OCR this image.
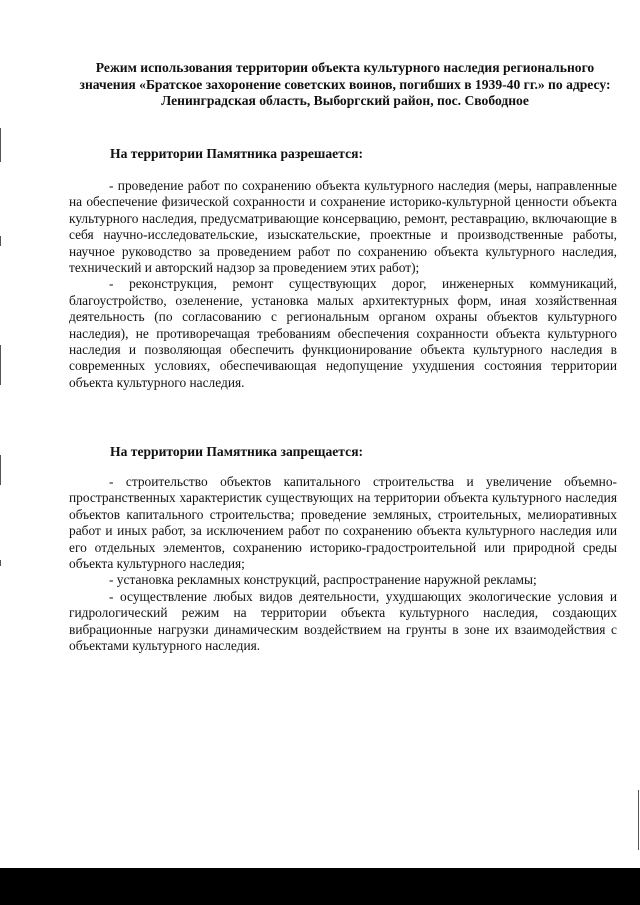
Режим использования территории объекта культурного наследия регионального значения «Братское захоронение советских воинов, погибших в 1939-40 гг.» по адресу: Ленинградская область, Выборгский район, пос. Свободное
На территории Памятника разрешается:

- проведение работ по сохранению объекта культурного наследия (меры, направленные на обеспечение физической сохранности и сохранение историко-культурной ценности объекта культурного наследия, предусматривающие консервацию, ремонт, реставрацию, включающие в себя научно-исследовательские, изыскательские, проектные и производственные работы, научное руководство за проведением работ по сохранению объекта культурного наследия, технический и авторский надзор за проведением этих работ);

- реконструкция, ремонт существующих дорог, инженерных коммуникаций, благоустройство, озеленение, установка малых архитектурных форм, иная хозяйственная деятельность (по согласованию с региональным органом охраны объектов культурного наследия), не противоречащая требованиям обеспечения сохранности объекта культурного наследия и позволяющая обеспечить функционирование объекта культурного наследия в современных условиях, обеспечивающая недопущение ухудшения состояния территории объекта культурного наследия.

На территории Памятника запрещается:

- строительство объектов капитального строительства и увеличение объемно-пространственных характеристик существующих на территории объекта культурного наследия объектов капитального строительства; проведение земляных, строительных, мелиоративных работ и иных работ, за исключением работ по сохранению объекта культурного наследия или его отдельных элементов, сохранению историко-градостроительной или природной среды объекта культурного наследия;

- установка рекламных конструкций, распространение наружной рекламы;

- осуществление любых видов деятельности, ухудшающих экологические условия и гидрологический режим на территории объекта культурного наследия, создающих вибрационные нагрузки динамическим воздействием на грунты в зоне их взаимодействия с объектами культурного наследия.
